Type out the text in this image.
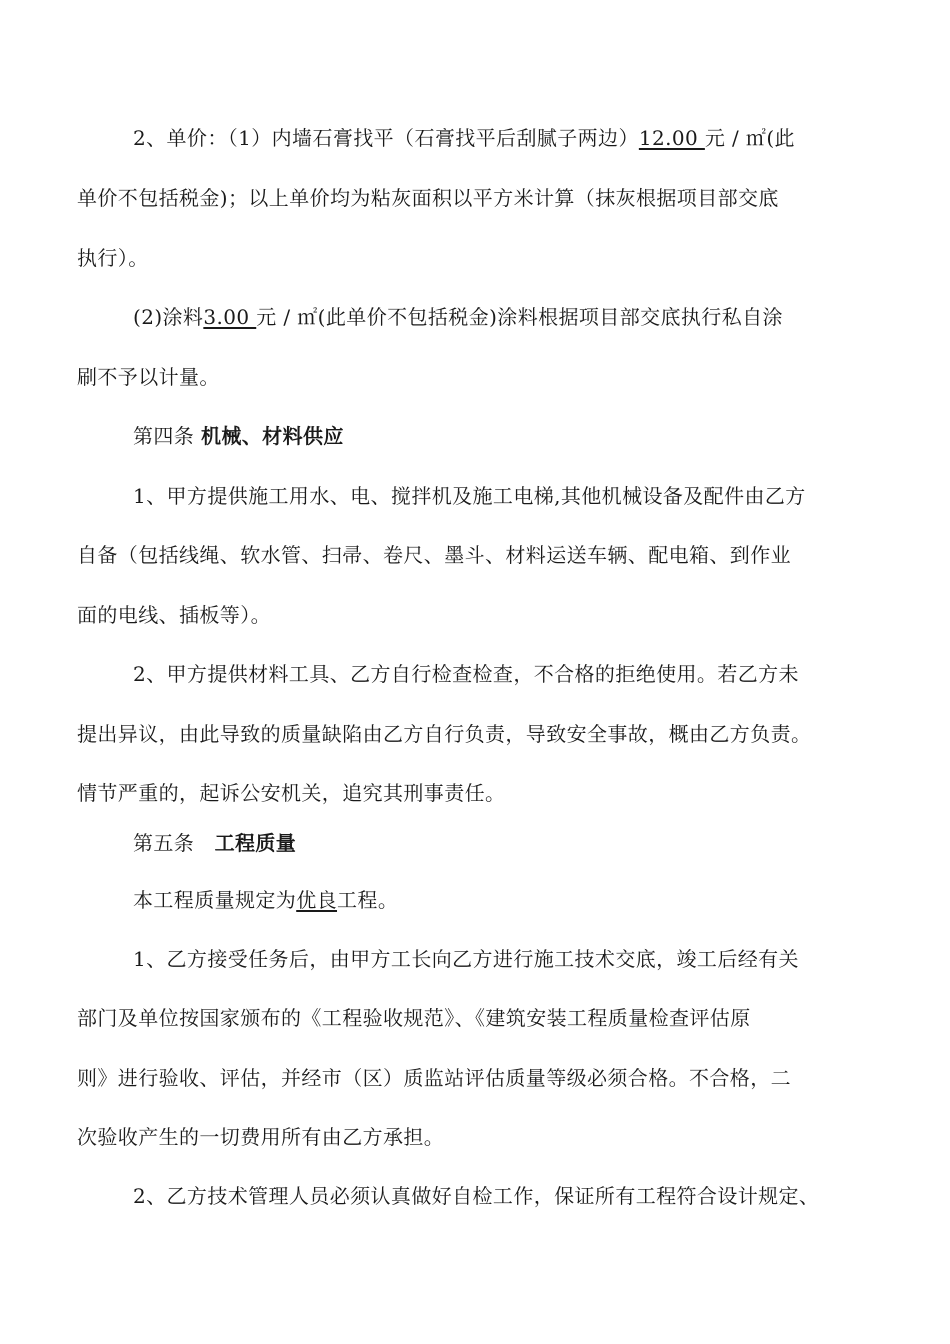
2、单价：（1）内墙石膏找平（石膏找平后刮腻子两边）12.00 元 / ㎡(此
单价不包括税金)；以上单价均为粘灰面积以平方米计算（抹灰根据项目部交底
执行）。
(2)涂料3.00 元 / ㎡(此单价不包括税金)涂料根据项目部交底执行私自涂
刷不予以计量。
第四条 机械、材料供应
1、甲方提供施工用水、电、搅拌机及施工电梯,其他机械设备及配件由乙方
自备（包括线绳、软水管、扫帚、卷尺、墨斗、材料运送车辆、配电箱、到作业
面的电线、插板等）。
2、甲方提供材料工具、乙方自行检查检查，不合格的拒绝使用。若乙方未
提出异议，由此导致的质量缺陷由乙方自行负责，导致安全事故，概由乙方负责。
情节严重的，起诉公安机关，追究其刑事责任。
第五条　工程质量
本工程质量规定为优良工程。
1、乙方接受任务后，由甲方工长向乙方进行施工技术交底，竣工后经有关
部门及单位按国家颁布的《工程验收规范》、《建筑安装工程质量检查评估原
则》进行验收、评估，并经市（区）质监站评估质量等级必须合格。不合格，二
次验收产生的一切费用所有由乙方承担。
2、乙方技术管理人员必须认真做好自检工作，保证所有工程符合设计规定、
